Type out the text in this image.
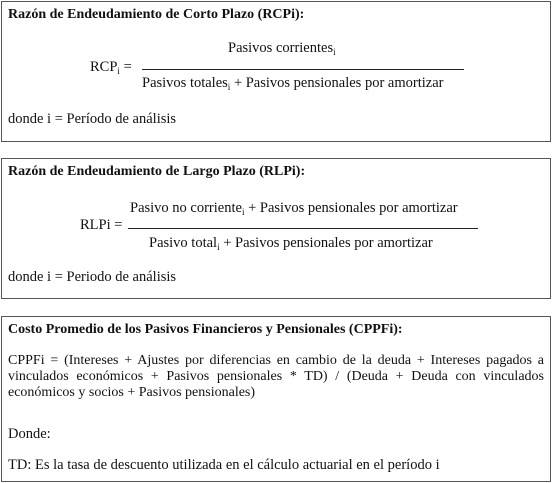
Razón de Endeudamiento de Corto Plazo (RCPi):
Pasivos corrientes$_i$
$RCP_i$ =
Pasivos totales$_i$ + Pasivos pensionales por amortizar
donde i = Período de análisis
Razón de Endeudamiento de Largo Plazo (RLPi):
Pasivo no corriente$_i$ + Pasivos pensionales por amortizar
RLPi =
Pasivo total$_i$ + Pasivos pensionales por amortizar
donde i = Periodo de análisis
Costo Promedio de los Pasivos Financieros y Pensionales (CPPFi):
CPPFi = (Intereses + Ajustes por diferencias en cambio de la deuda + Intereses pagados a vinculados económicos + Pasivos pensionales * TD) / (Deuda + Deuda con vinculados económicos y socios + Pasivos pensionales)
Donde:
TD: Es la tasa de descuento utilizada en el cálculo actuarial en el período i
